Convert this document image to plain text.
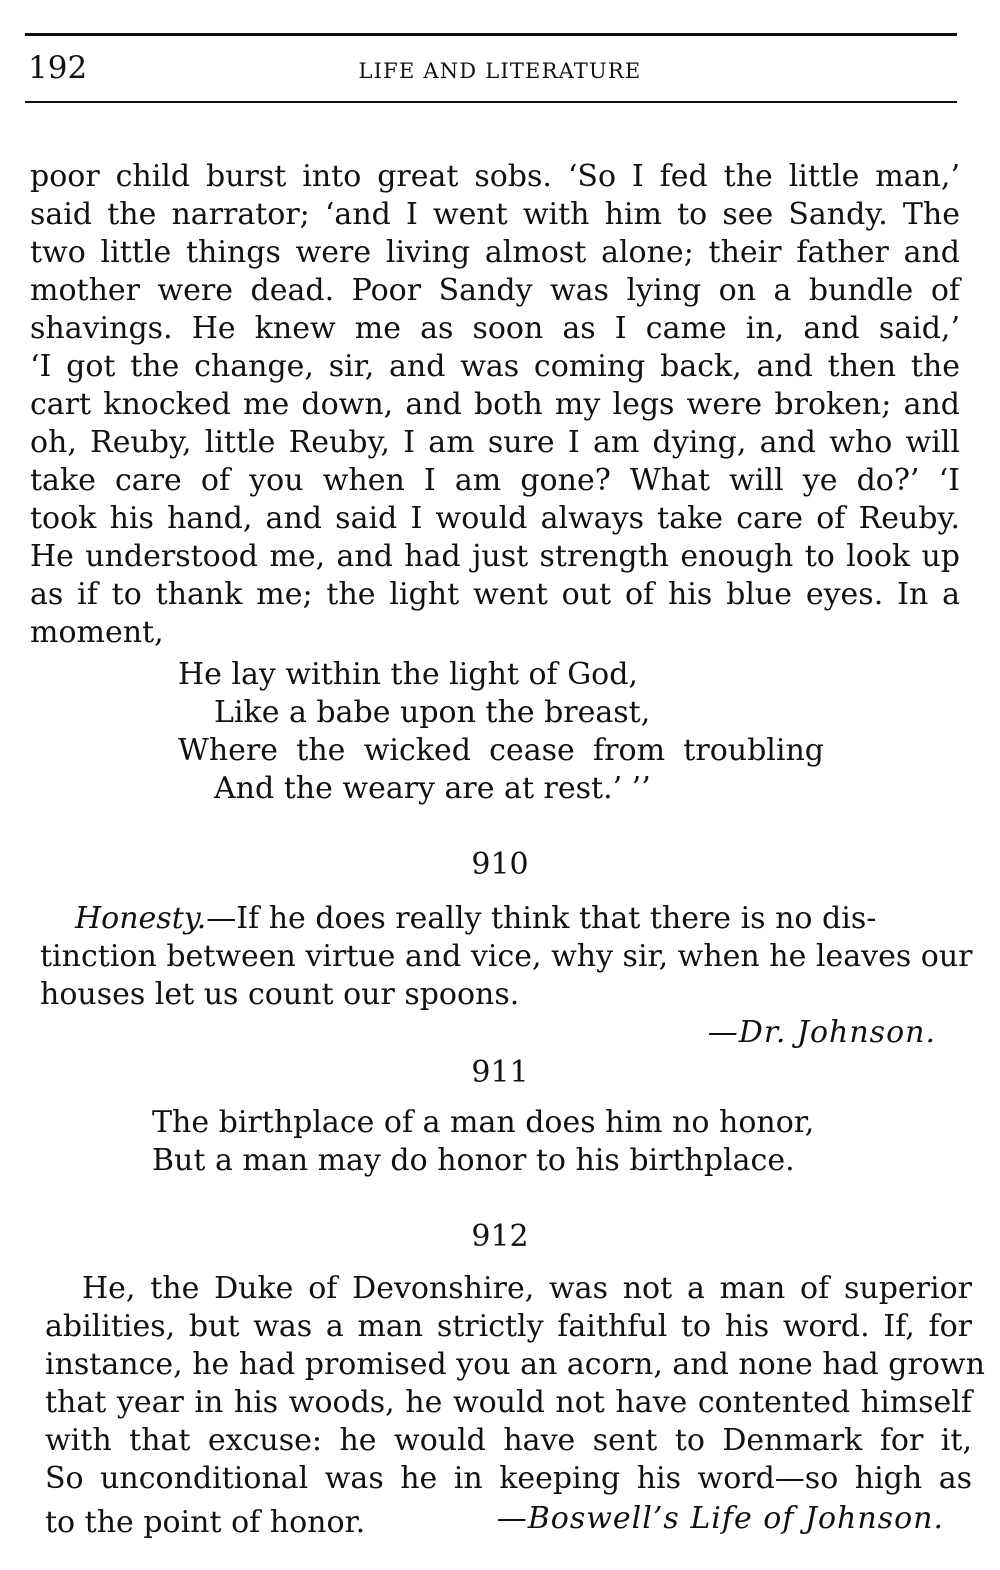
192	LIFE AND LITERATURE
poor child burst into great sobs. ‘So I fed the little man,’
said the narrator; ‘and I went with him to see Sandy. The
two little things were living almost alone; their father and
mother were dead. Poor Sandy was lying on a bundle of
shavings. He knew me as soon as I came in, and said,’
‘I got the change, sir, and was coming back, and then the
cart knocked me down, and both my legs were broken; and
oh, Reuby, little Reuby, I am sure I am dying, and who will
take care of you when I am gone? What will ye do?’ ‘I
took his hand, and said I would always take care of Reuby.
He understood me, and had just strength enough to look up
as if to thank me; the light went out of his blue eyes. In a
moment,
He lay within the light of God,
Like a babe upon the breast,
Where the wicked cease from troubling
And the weary are at rest.’ ’’
910
Honesty.—If he does really think that there is no dis-
tinction between virtue and vice, why sir, when he leaves our
houses let us count our spoons.
—Dr. Johnson.
911
The birthplace of a man does him no honor,
But a man may do honor to his birthplace.
912
He, the Duke of Devonshire, was not a man of superior
abilities, but was a man strictly faithful to his word. If, for
instance, he had promised you an acorn, and none had grown
that year in his woods, he would not have contented himself
with that excuse: he would have sent to Denmark for it,
So unconditional was he in keeping his word—so high as
to the point of honor.	—Boswell’s Life of Johnson.
